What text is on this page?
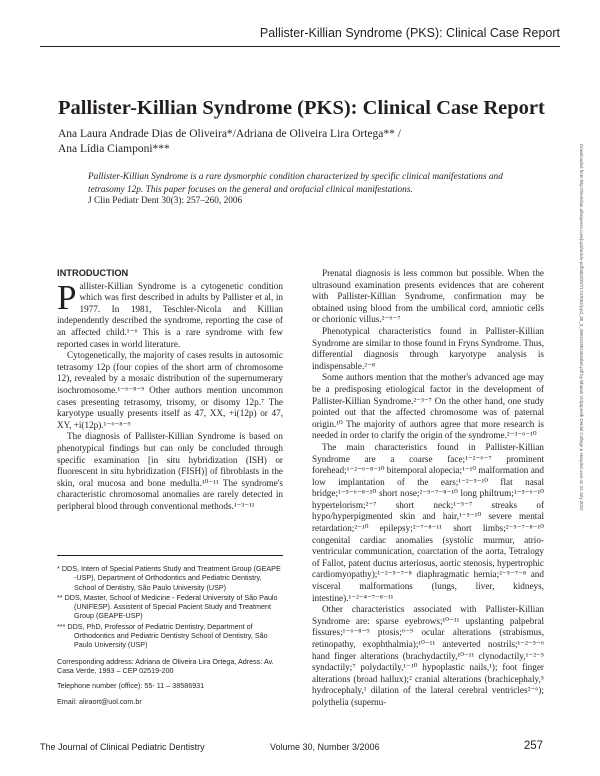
Pallister-Killian Syndrome (PKS): Clinical Case Report
Pallister-Killian Syndrome (PKS): Clinical Case Report
Ana Laura Andrade Dias de Oliveira*/Adriana de Oliveira Lira Ortega** /
Ana Lídia Ciamponi***
Pallister-Killian Syndrome is a rare dysmorphic condition characterized by specific clinical manifestations and tetrasomy 12p. This paper focuses on the general and orofacial clinical manifestations.
J Clin Pediatr Dent 30(3): 257–260, 2006	Downloaded from http://meridian.allenpress.com/jcpd/article-pdf/30/3/257/1747062/jcpd_30_3_4981319813534lv0.pdf by Bharati Vidyapeeth Dental College & Hospital user on 22 July 2022
INTRODUCTION

Pallister-Killian Syndrome is a cytogenetic condition which was first described in adults by Pallister et al, in 1977. In 1981, Teschler-Nicola and Killian independently described the syndrome, reporting the case of an affected child.¹⁻⁶ This is a rare syndrome with few reported cases in world literature.

Cytogenetically, the majority of cases results in autosomic tetrasomy 12p (four copies of the short arm of chromosome 12), revealed by a mosaic distribution of the supernumerary isochromosome.¹⁻⁶⁻⁸⁻⁹ Other authors mention uncommon cases presenting tetrasomy, trisomy, or disomy 12p.⁷ The karyotype usually presents itself as 47, XX, +i(12p) or 47, XY, +i(12p).¹⁻⁶⁻⁸⁻⁹

The diagnosis of Pallister-Killian Syndrome is based on phenotypical findings but can only be concluded through specific examination [in situ hybridization (ISH) or fluorescent in situ hybridization (FISH)] of fibroblasts in the skin, oral mucosa and bone medulla.¹⁰⁻¹¹ The syndrome's characteristic chromosomal anomalies are rarely detected in peripheral blood through conventional methods.¹⁻³⁻¹¹

* DDS, Intern of Special Patients Study and Treatment Group (GEAPE -USP), Department of Orthodontics and Pediatric Dentistry, School of Dentistry, São Paulo University (USP)

** DDS, Master, School of Medicine - Federal University of São Paulo (UNIFESP). Assistent of Special Pacient Study and Treatment Group (GEAPE-USP)

*** DDS, PhD, Professor of Pediatric Dentistry, Department of Orthodontics and Pediatric Dentistry School of Dentistry, São Paulo University (USP)

Corresponding address: Adriana de Oliveira Lira Ortega, Adress: Av. Casa Verde, 1993 – CEP 02519-200

Telephone number (office): 55- 11 – 38586931

Email: aliraort@uol.com.br

Prenatal diagnosis is less common but possible. When the ultrasound examination presents evidences that are coherent with Pallister-Killian Syndrome, confirmation may be obtained using blood from the umbilical cord, amniotic cells or chorionic villus.²⁻⁶⁻⁷

Phenotypical characteristics found in Pallister-Killian Syndrome are similar to those found in Fryns Syndrome. Thus, differential diagnosis through karyotype analysis is indispensable.²⁻⁸

Some authors mention that the mother's advanced age may be a predisposing etiological factor in the development of Pallister-Killian Syndrome.²⁻³⁻⁷ On the other hand, one study pointed out that the affected chromosome was of paternal origin.¹⁰ The majority of authors agree that more research is needed in order to clarify the origin of the syndrome.²⁻³⁻⁶⁻¹⁰

The main characteristics found in Pallister-Killian Syndrome are a coarse face;¹⁻²⁻⁶⁻⁷ prominent forehead;¹⁻²⁻⁶⁻⁸⁻¹⁰ bitemporal alopecia;¹⁻¹⁰ malformation and low implantation of the ears;¹⁻²⁻⁵⁻¹⁰ flat nasal bridge;¹⁻⁵⁻⁶⁻⁸⁻¹⁰ short nose;²⁻⁵⁻⁷⁻⁸⁻¹⁰ long philtrum;¹⁻⁵⁻⁶⁻¹⁰ hypertelorism;²⁻⁷ short neck;¹⁻⁵⁻⁷ streaks of hypo/hyperpigmented skin and hair,¹⁻⁵⁻¹⁰ severe mental retardation;²⁻¹⁰ epilepsy;²⁻⁷⁻⁸⁻¹¹ short limbs;²⁻⁵⁻⁷⁻⁸⁻¹⁰ congenital cardiac anomalies (systolic murmur, atrio-ventricular communication, coarctation of the aorta, Tetralogy of Fallot, patent ductus arteriosus, aortic stenosis, hypertrophic cardiomyopathy);¹⁻²⁻⁵⁻⁷⁻⁸ diaphragmatic hernia;²⁻⁵⁻⁷⁻⁸ and visceral malformations (lungs, liver, kidneys, intestine).¹⁻²⁻⁴⁻⁷⁻⁸⁻¹¹

Other characteristics associated with Pallister-Killian Syndrome are: sparse eyebrows;¹⁰⁻¹¹ upslanting palpebral fissures;¹⁻⁶⁻⁸⁻⁹ ptosis;⁶⁻⁹ ocular alterations (strabismus, retinopathy, exophthalmia);¹⁰⁻¹¹ anteverted nostrils;¹⁻²⁻⁵⁻⁶ hand finger alterations (brachydactily,¹⁰⁻¹¹ clynodactily,¹⁻²⁻⁵ syndactily;⁷ polydactily,¹⁻¹⁰ hypoplastic nails,¹); foot finger alterations (broad hallux);² cranial alterations (brachicephaly,⁵ hydrocephaly,¹ dilation of the lateral cerebral ventricles²⁻⁶); polythelia (supernu-

The Journal of Clinical Pediatric Dentistry	Volume 30, Number 3/2006	257
